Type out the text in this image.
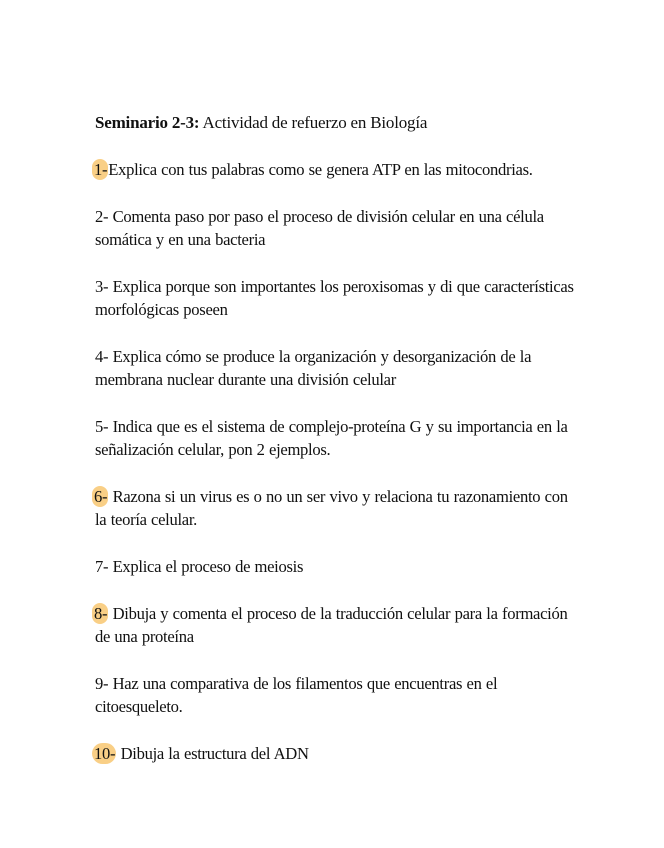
Seminario 2-3: Actividad de refuerzo en Biología
1-Explica con tus palabras como se genera ATP en las mitocondrias.
2- Comenta paso por paso el proceso de división celular en una célula somática y en una bacteria
3- Explica porque son importantes los peroxisomas y di que características morfológicas poseen
4- Explica cómo se produce la organización y desorganización de la membrana nuclear durante una división celular
5- Indica que es el sistema de complejo-proteína G y su importancia en la señalización celular, pon 2 ejemplos.
6- Razona si un virus es o no un ser vivo y relaciona tu razonamiento con la teoría celular.
7- Explica el proceso de meiosis
8- Dibuja y comenta el proceso de la traducción celular para la formación de una proteína
9- Haz una comparativa de los filamentos que encuentras en el citoesqueleto.
10- Dibuja la estructura del ADN
